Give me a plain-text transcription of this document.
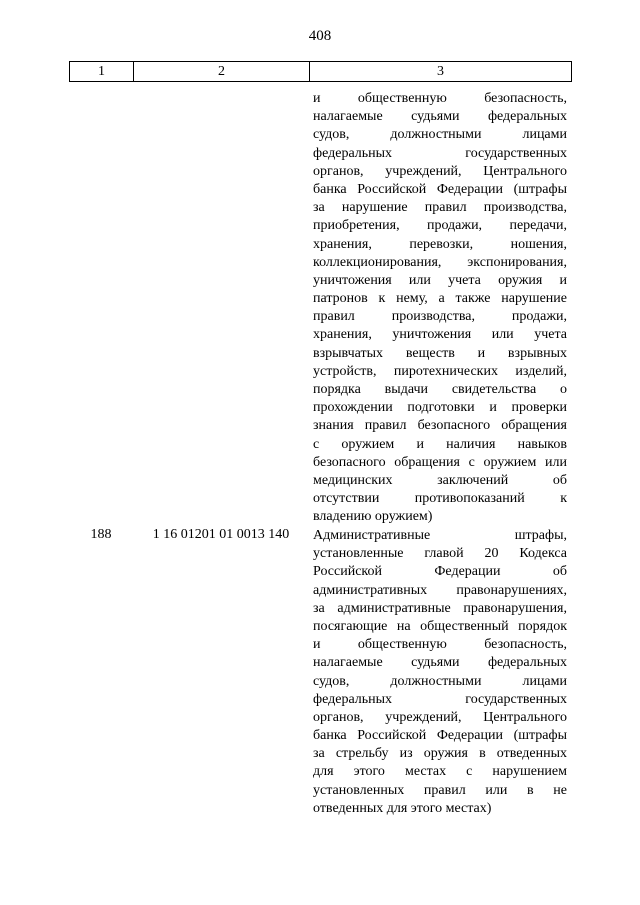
408
1	2	3
и общественную безопасность,
налагаемые судьями федеральных
судов, должностными лицами
федеральных государственных
органов, учреждений, Центрального
банка Российской Федерации (штрафы
за нарушение правил производства,
приобретения, продажи, передачи,
хранения, перевозки, ношения,
коллекционирования, экспонирования,
уничтожения или учета оружия и
патронов к нему, а также нарушение
правил производства, продажи,
хранения, уничтожения или учета
взрывчатых веществ и взрывных
устройств, пиротехнических изделий,
порядка выдачи свидетельства о
прохождении подготовки и проверки
знания правил безопасного обращения
с оружием и наличия навыков
безопасного обращения с оружием или
медицинских заключений об
отсутствии противопоказаний к
владению оружием)
188	1 16 01201 01 0013 140	Административные штрафы,
установленные главой 20 Кодекса
Российской Федерации об
административных правонарушениях,
за административные правонарушения,
посягающие на общественный порядок
и общественную безопасность,
налагаемые судьями федеральных
судов, должностными лицами
федеральных государственных
органов, учреждений, Центрального
банка Российской Федерации (штрафы
за стрельбу из оружия в отведенных
для этого местах с нарушением
установленных правил или в не
отведенных для этого местах)
